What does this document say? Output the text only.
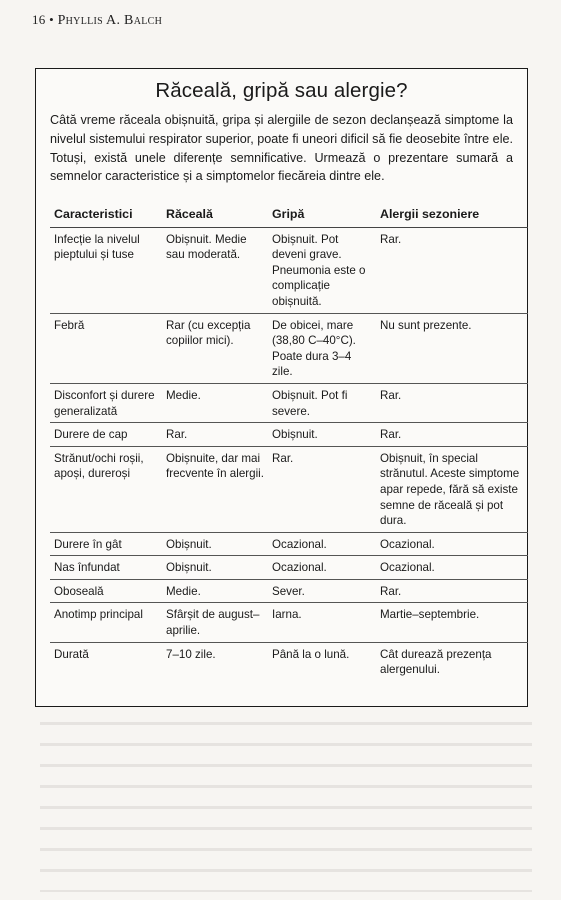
16 • Phyllis A. Balch
Răceală, gripă sau alergie?

Câtă vreme răceala obișnuită, gripa și alergiile de sezon declanșează simptome la nivelul sistemului respirator superior, poate fi uneori dificil să fie deosebite între ele. Totuși, există unele diferențe semnificative. Urmează o prezentare sumară a semnelor caracteristice și a simptomelor fiecăreia dintre ele.

Caracteristici	Răceală	Gripă	Alergii sezoniere
Infecție la nivelul pieptului și tuse	Obișnuit. Medie sau moderată.	Obișnuit. Pot deveni grave. Pneumonia este o complicație obișnuită.	Rar.
Febră	Rar (cu excepția copiilor mici).	De obicei, mare (38,80 C–40°C). Poate dura 3–4 zile.	Nu sunt prezente.
Disconfort și durere generalizată	Medie.	Obișnuit. Pot fi severe.	Rar.
Durere de cap	Rar.	Obișnuit.	Rar.
Strănut/ochi roșii, apoși, dureroși	Obișnuite, dar mai frecvente în alergii.	Rar.	Obișnuit, în special strănutul. Aceste simptome apar repede, fără să existe semne de răceală și pot dura.
Durere în gât	Obișnuit.	Ocazional.	Ocazional.
Nas înfundat	Obișnuit.	Ocazional.	Ocazional.
Oboseală	Medie.	Sever.	Rar.
Anotimp principal	Sfârșit de august–aprilie.	Iarna.	Martie–septembrie.
Durată	7–10 zile.	Până la o lună.	Cât durează prezența alergenului.
